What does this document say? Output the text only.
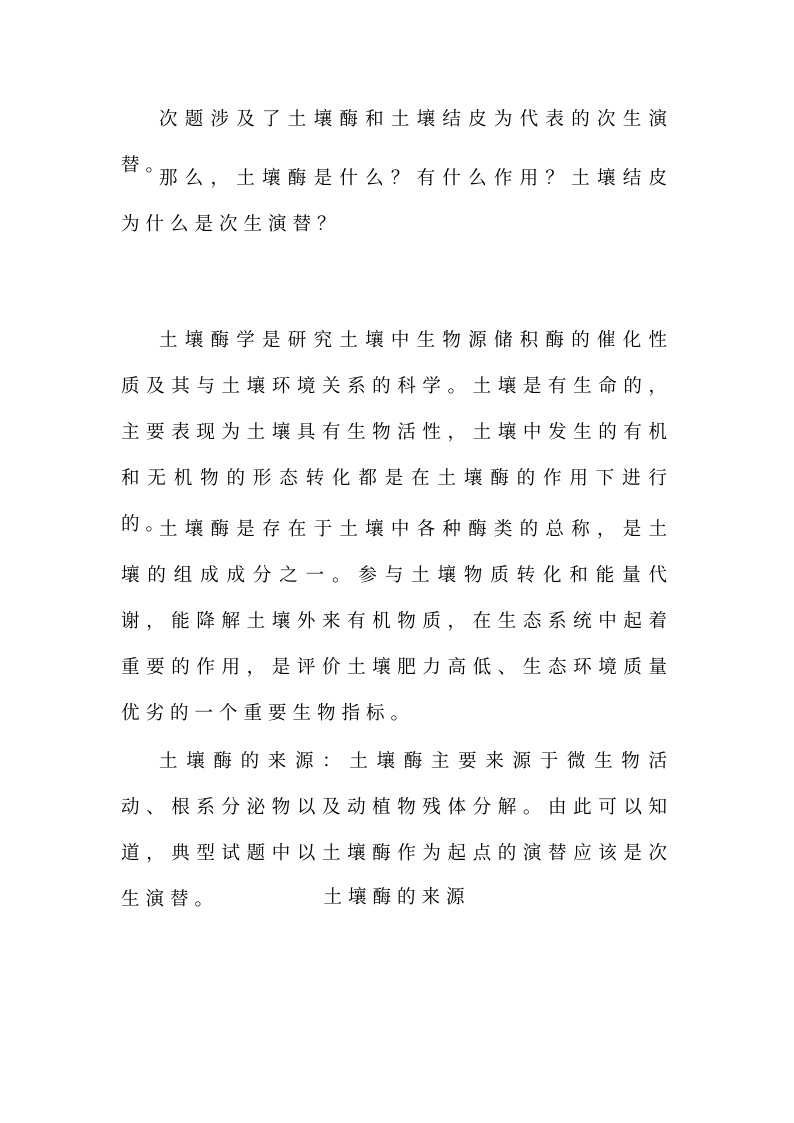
次题涉及了土壤酶和土壤结皮为代表的次生演替。

那么，土壤酶是什么？有什么作用？土壤结皮为什么是次生演替？

土壤酶学是研究土壤中生物源储积酶的催化性质及其与土壤环境关系的科学。土壤是有生命的，主要表现为土壤具有生物活性，土壤中发生的有机和无机物的形态转化都是在土壤酶的作用下进行的。

土壤酶是存在于土壤中各种酶类的总称，是土壤的组成成分之一。参与土壤物质转化和能量代谢，能降解土壤外来有机物质，在生态系统中起着重要的作用，是评价土壤肥力高低、生态环境质量优劣的一个重要生物指标。

土壤酶的来源：土壤酶主要来源于微生物活动、根系分泌物以及动植物残体分解。由此可以知道，典型试题中以土壤酶作为起点的演替应该是次生演替。	土壤酶的来源
